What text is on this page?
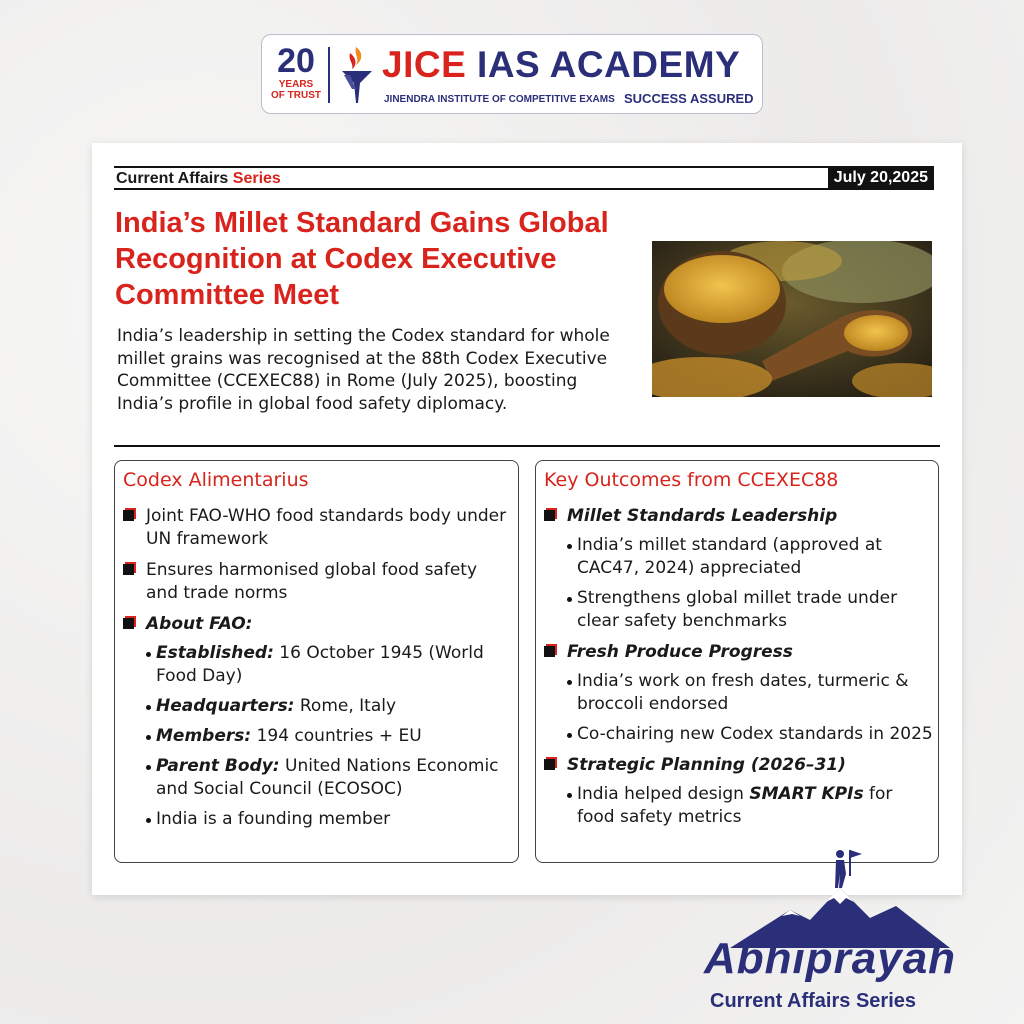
20
YEARS
OF TRUST
JICE IAS ACADEMY
JINENDRA INSTITUTE OF COMPETITIVE EXAMS SUCCESS ASSURED
Current Affairs Series	July 20,2025
India’s Millet Standard Gains Global Recognition at Codex Executive Committee Meet
India’s leadership in setting the Codex standard for whole millet grains was recognised at the 88th Codex Executive Committee (CCEXEC88) in Rome (July 2025), boosting India’s profile in global food safety diplomacy.
Codex Alimentarius
Joint FAO-WHO food standards body under UN framework
Ensures harmonised global food safety and trade norms
About FAO:
Established: 16 October 1945 (World Food Day)
Headquarters: Rome, Italy
Members: 194 countries + EU
Parent Body: United Nations Economic and Social Council (ECOSOC)
India is a founding member
Key Outcomes from CCEXEC88
Millet Standards Leadership
India’s millet standard (approved at CAC47, 2024) appreciated
Strengthens global millet trade under clear safety benchmarks
Fresh Produce Progress
India’s work on fresh dates, turmeric & broccoli endorsed
Co-chairing new Codex standards in 2025
Strategic Planning (2026–31)
India helped design SMART KPIs for food safety metrics
Abhiprayah
Current Affairs Series
